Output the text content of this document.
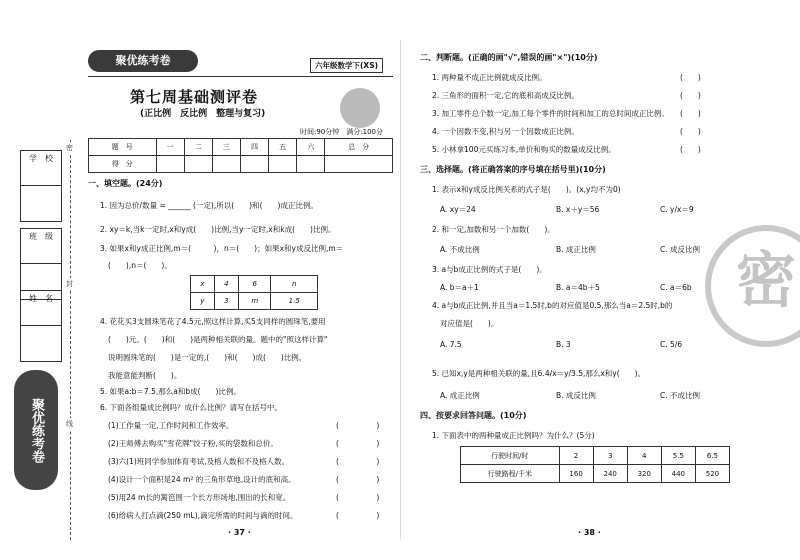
学　校
班　级
姓　名
聚优练考卷
密
封
线
聚优练考卷	六年级数学下(XS)
第七周基础测评卷
(正比例　反比例　整理与复习)
时间:90分钟　满分:100分
题　号	一	二	三	四	五	六	总　分
得　分							
一、填空题。(24分)
1. 因为总价/数量 = ______ (一定),所以(　　)和(　　)成正比例。
2. xy＝k,当k一定时,x和y成(　　)比例,当y一定时,x和k成(　　)比例。
3. 如果x和y成正比例,m＝(　　　)，n＝(　　)；如果x和y成反比例,m＝
(　　),n＝(　　)。
x	4	6	n
y	3	m	1.5
4. 花花买3支圆珠笔花了4.5元,照这样计算,买5支同样的圆珠笔,要用
(　　)元。(　　)和(　　)是两种相关联的量。题中的"照这样计算"
说明圆珠笔的(　　)是一定的,(　　)和(　　)成(　　)比例。
我能意能判断(　　)。
5. 如果a:b＝7.5,那么a和b成(　　)比例。
6. 下面各组量成比例吗？成什么比例？请写在括号中。
(1)工作量一定,工作时间和工作效率。	(　　　　　)
(2)王师傅去购买"雪花牌"饺子粉,买的袋数和总价。	(　　　　　)
(3)六(1)班同学参加体育考试,及格人数和不及格人数。	(　　　　　)
(4)设计一个面积是24 m² 的三角形草地,设计的底和高。	(　　　　　)
(5)用24 m长的篱笆围一个长方形场地,围出的长和宽。	(　　　　　)
(6)给病人打点滴(250 mL),滴完所需的时间与滴的时间。	(　　　　　)
· 37 ·
二、判断题。(正确的画"√",错误的画"×")(10分)
1. 两种量不成正比例就成反比例。	(　　)
2. 三角形的面积一定,它的底和高成反比例。	(　　)
3. 加工零件总个数一定,加工每个零件的时间和加工的总时间成正比例。 (　　)
4. 一个因数不变,积与另一个因数成正比例。	(　　)
5. 小林拿100元买练习本,单价和购买的数量成反比例。	(　　)
三、选择题。(将正确答案的序号填在括号里)(10分)
1. 表示x和y成反比例关系的式子是(　　)。(x,y均不为0)
A. xy＝24	B. x＋y＝56	C. y/x＝9
2. 和一定,加数和另一个加数(　　)。
A. 不成比例	B. 成正比例	C. 成反比例
3. a与b成正比例的式子是(　　)。
A. b＝a＋1	B. a＝4b＋5	C. a＝6b
4. a与b成正比例,并且当a＝1.5时,b的对应值是0.5,那么当a＝2.5时,b的
对应值是(　　)。
A. 7.5	B. 3	C. 5/6
5. 已知x,y是两种相关联的量,且6.4/x＝y/3.5,那么x和y(　　)。
A. 成正比例	B. 成反比例	C. 不成比例
四、按要求回答问题。(10分)
1. 下面表中的两种量成正比例吗？为什么？(5分)
行驶时间/时	2	3	4	5.5	6.5
行驶路程/千米	160	240	320	440	520
· 38 ·
密
